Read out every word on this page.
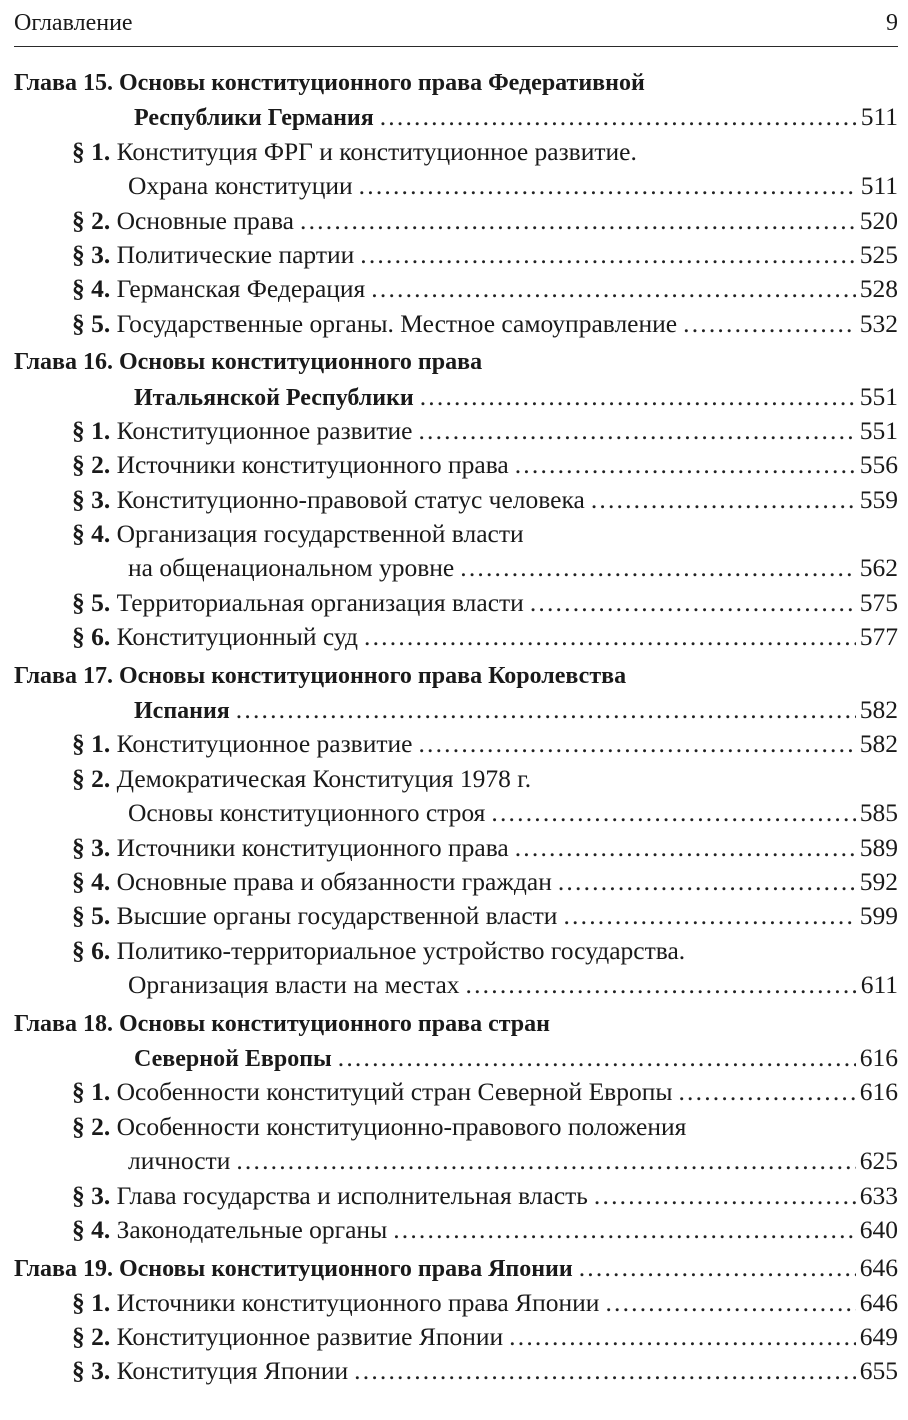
Оглавление	9
Глава 15. Основы конституционного права Федеративной
Республики Германия .....	511
§ 1. Конституция ФРГ и конституционное развитие.
Охрана конституции .....	511
§ 2. Основные права .....	520
§ 3. Политические партии .....	525
§ 4. Германская Федерация .....	528
§ 5. Государственные органы. Местное самоуправление .....	532
Глава 16. Основы конституционного права
Итальянской Республики .....	551
§ 1. Конституционное развитие .....	551
§ 2. Источники конституционного права .....	556
§ 3. Конституционно-правовой статус человека .....	559
§ 4. Организация государственной власти
на общенациональном уровне .....	562
§ 5. Территориальная организация власти .....	575
§ 6. Конституционный суд .....	577
Глава 17. Основы конституционного права Королевства
Испания .....	582
§ 1. Конституционное развитие .....	582
§ 2. Демократическая Конституция 1978 г.
Основы конституционного строя .....	585
§ 3. Источники конституционного права .....	589
§ 4. Основные права и обязанности граждан .....	592
§ 5. Высшие органы государственной власти .....	599
§ 6. Политико-территориальное устройство государства.
Организация власти на местах .....	611
Глава 18. Основы конституционного права стран
Северной Европы .....	616
§ 1. Особенности конституций стран Северной Европы .....	616
§ 2. Особенности конституционно-правового положения
личности .....	625
§ 3. Глава государства и исполнительная власть .....	633
§ 4. Законодательные органы .....	640
Глава 19. Основы конституционного права Японии .....	646
§ 1. Источники конституционного права Японии .....	646
§ 2. Конституционное развитие Японии .....	649
§ 3. Конституция Японии .....	655
